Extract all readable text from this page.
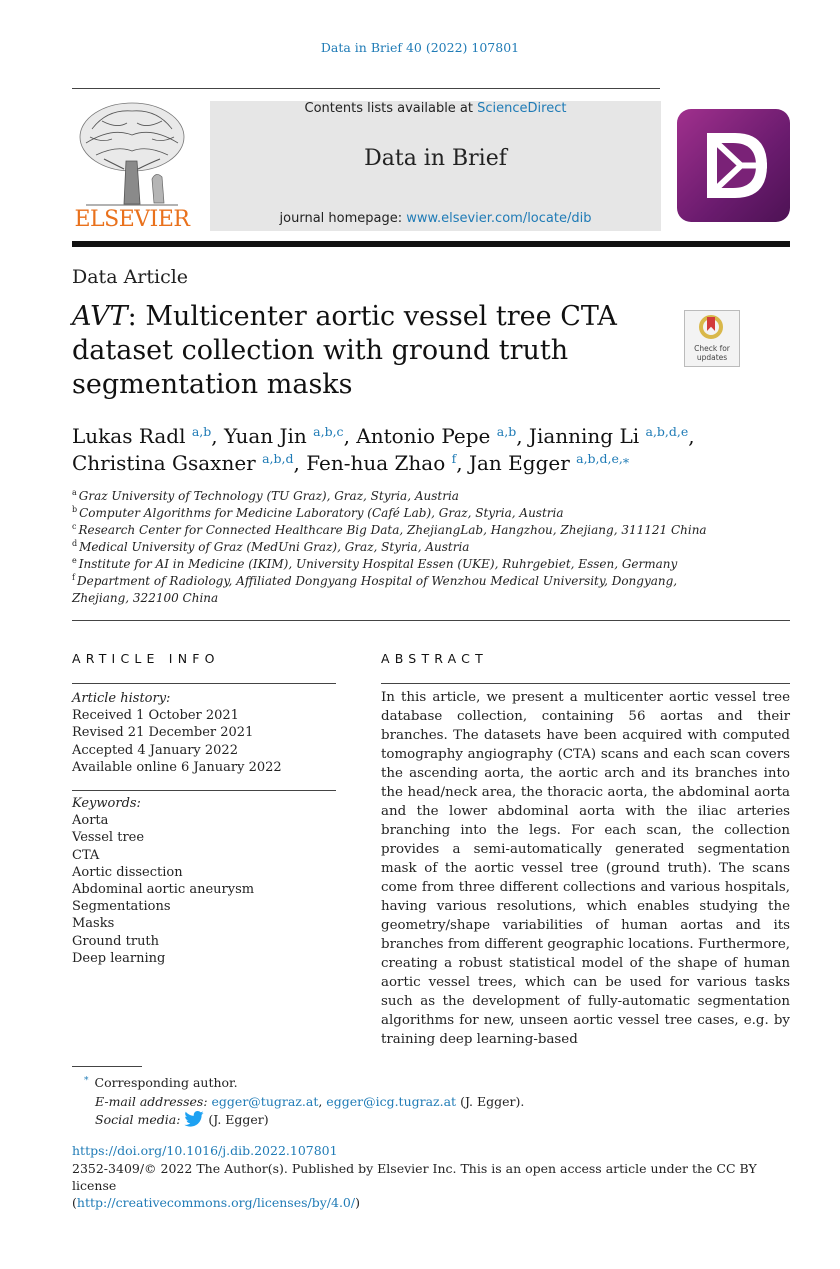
Data in Brief 40 (2022) 107801
ELSEVIER
Contents lists available at ScienceDirect
Data in Brief
journal homepage: www.elsevier.com/locate/dib
Data Article
AVT: Multicenter aortic vessel tree CTA dataset collection with ground truth segmentation masks
Check for
updates
Lukas Radl $^{a,b}$, Yuan Jin $^{a,b,c}$, Antonio Pepe $^{a,b}$, Jianning Li $^{a,b,d,e}$,
Christina Gsaxner $^{a,b,d}$, Fen-hua Zhao $^f$, Jan Egger $^{a,b,d,e,⁎}$
$^a$ Graz University of Technology (TU Graz), Graz, Styria, Austria
$^b$ Computer Algorithms for Medicine Laboratory (Café Lab), Graz, Styria, Austria
$^c$ Research Center for Connected Healthcare Big Data, ZhejiangLab, Hangzhou, Zhejiang, 311121 China
$^d$ Medical University of Graz (MedUni Graz), Graz, Styria, Austria
$^e$ Institute for AI in Medicine (IKIM), University Hospital Essen (UKE), Ruhrgebiet, Essen, Germany
$^f$ Department of Radiology, Affiliated Dongyang Hospital of Wenzhou Medical University, Dongyang, Zhejiang, 322100 China
ARTICLE INFO	ABSTRACT
Article history:
Received 1 October 2021
Revised 21 December 2021
Accepted 4 January 2022
Available online 6 January 2022
Keywords:
Aorta
Vessel tree
CTA
Aortic dissection
Abdominal aortic aneurysm
Segmentations
Masks
Ground truth
Deep learning
In this article, we present a multicenter aortic vessel tree database collection, containing 56 aortas and their branches. The datasets have been acquired with computed tomography angiography (CTA) scans and each scan covers the ascending aorta, the aortic arch and its branches into the head/neck area, the thoracic aorta, the abdominal aorta and the lower abdominal aorta with the iliac arteries branching into the legs. For each scan, the collection provides a semi-automatically generated segmentation mask of the aortic vessel tree (ground truth). The scans come from three different collections and various hospitals, having various resolutions, which enables studying the geometry/shape variabilities of human aortas and its branches from different geographic locations. Furthermore, creating a robust statistical model of the shape of human aortic vessel trees, which can be used for various tasks such as the development of fully-automatic segmentation algorithms for new, unseen aortic vessel tree cases, e.g. by training deep learning-based
* Corresponding author.
E-mail addresses: egger@tugraz.at, egger@icg.tugraz.at (J. Egger).
Social media: (J. Egger)
https://doi.org/10.1016/j.dib.2022.107801
2352-3409/© 2022 The Author(s). Published by Elsevier Inc. This is an open access article under the CC BY license
(http://creativecommons.org/licenses/by/4.0/)
